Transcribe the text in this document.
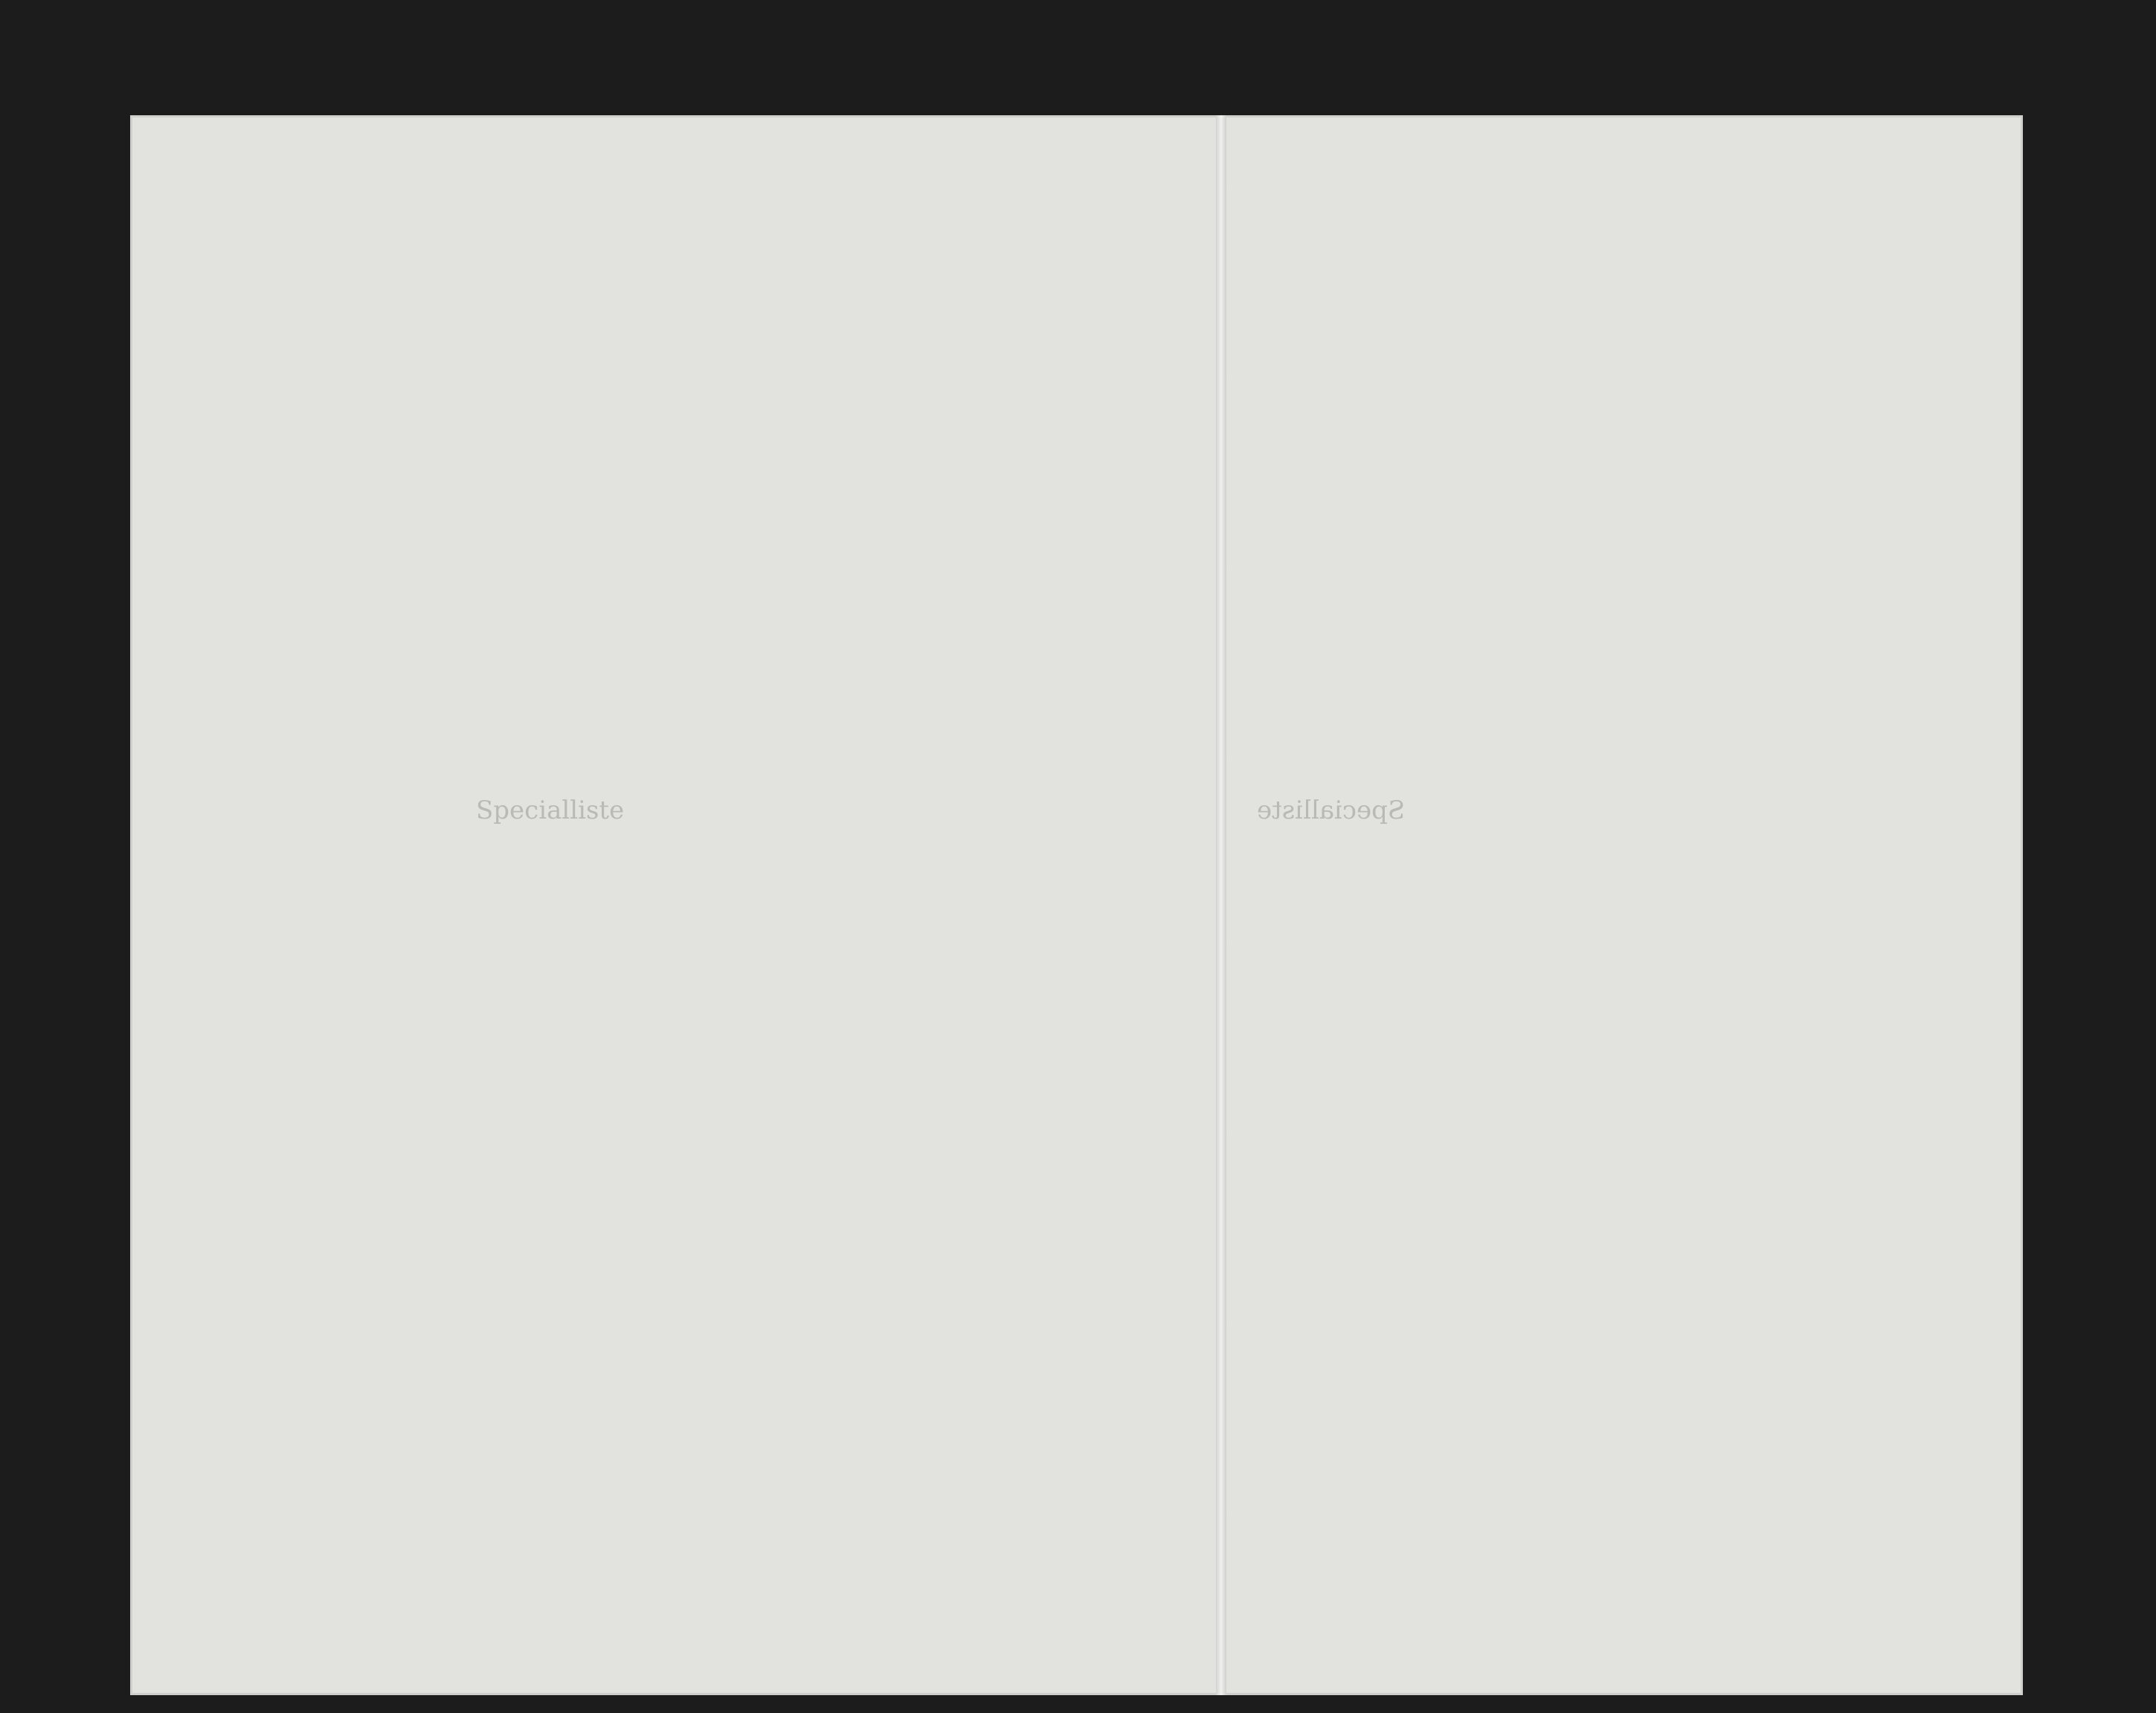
Specialliste	Specialliste
